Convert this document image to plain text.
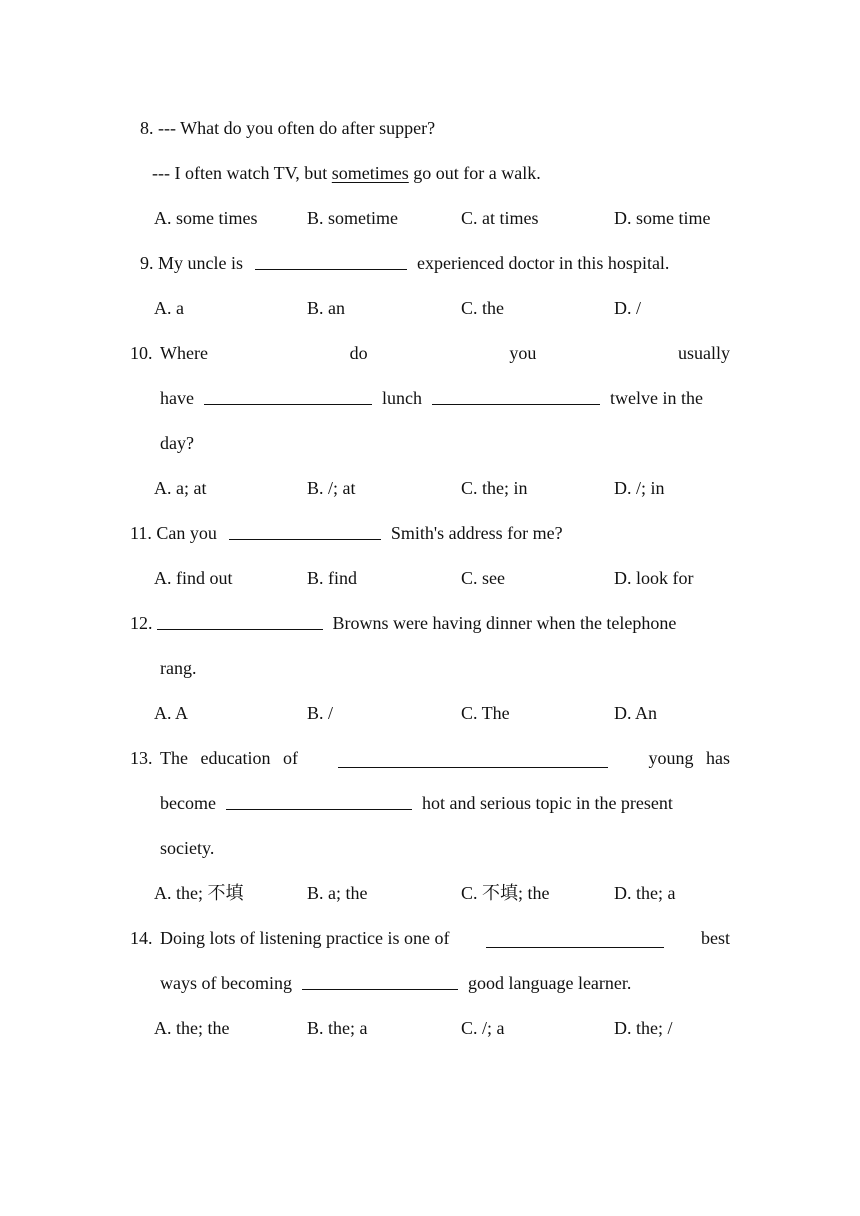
8. --- What do you often do after supper?
--- I often watch TV, but sometimes go out for a walk.
A. some times	B. sometime	C. at times	D. some time
9. My uncle is	experienced doctor in this hospital.
A. a	B. an	C. the	D. /
10. Where	do	you	usually
have	lunch	twelve in the
day?
A. a; at	B. /; at	C. the; in	D. /; in
11. Can you	Smith's address for me?
A. find out	B. find	C. see	D. look for
12.	Browns were having dinner when the telephone
rang.
A. A	B. /	C. The	D. An
13. The education of	young has
become	hot and serious topic in the present
society.
A. the; 不填	B. a; the	C. 不填; the	D. the; a
14. Doing lots of listening practice is one of	best
ways of becoming	good language learner.
A. the; the	B. the; a	C. /; a	D. the; /
